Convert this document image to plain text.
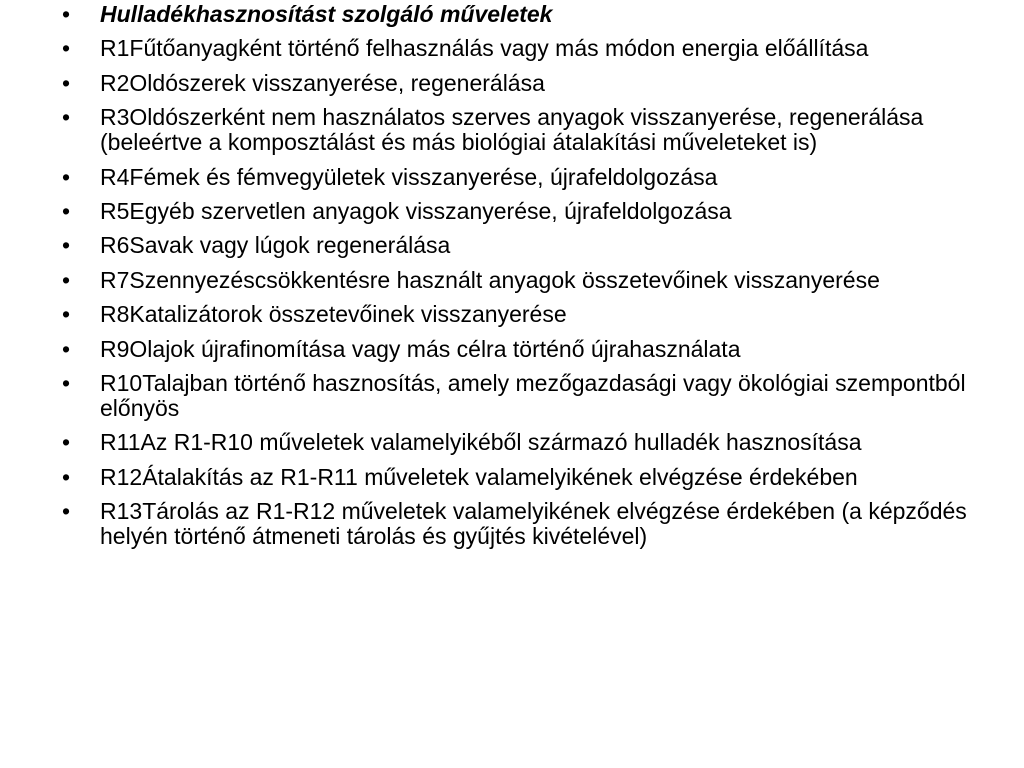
•	Hulladékhasznosítást szolgáló műveletek
•	R1Fűtőanyagként történő felhasználás vagy más módon energia előállítása
•	R2Oldószerek visszanyerése, regenerálása
•	R3Oldószerként nem használatos szerves anyagok visszanyerése, regenerálása (beleértve a komposztálást és más biológiai átalakítási műveleteket is)
•	R4Fémek és fémvegyületek visszanyerése, újrafeldolgozása
•	R5Egyéb szervetlen anyagok visszanyerése, újrafeldolgozása
•	R6Savak vagy lúgok regenerálása
•	R7Szennyezéscsökkentésre használt anyagok összetevőinek visszanyerése
•	R8Katalizátorok összetevőinek visszanyerése
•	R9Olajok újrafinomítása vagy más célra történő újrahasználata
•	R10Talajban történő hasznosítás, amely mezőgazdasági vagy ökológiai szempontból előnyös
•	R11Az R1-R10 műveletek valamelyikéből származó hulladék hasznosítása
•	R12Átalakítás az R1-R11 műveletek valamelyikének elvégzése érdekében
•	R13Tárolás az R1-R12 műveletek valamelyikének elvégzése érdekében (a képződés helyén történő átmeneti tárolás és gyűjtés kivételével)
